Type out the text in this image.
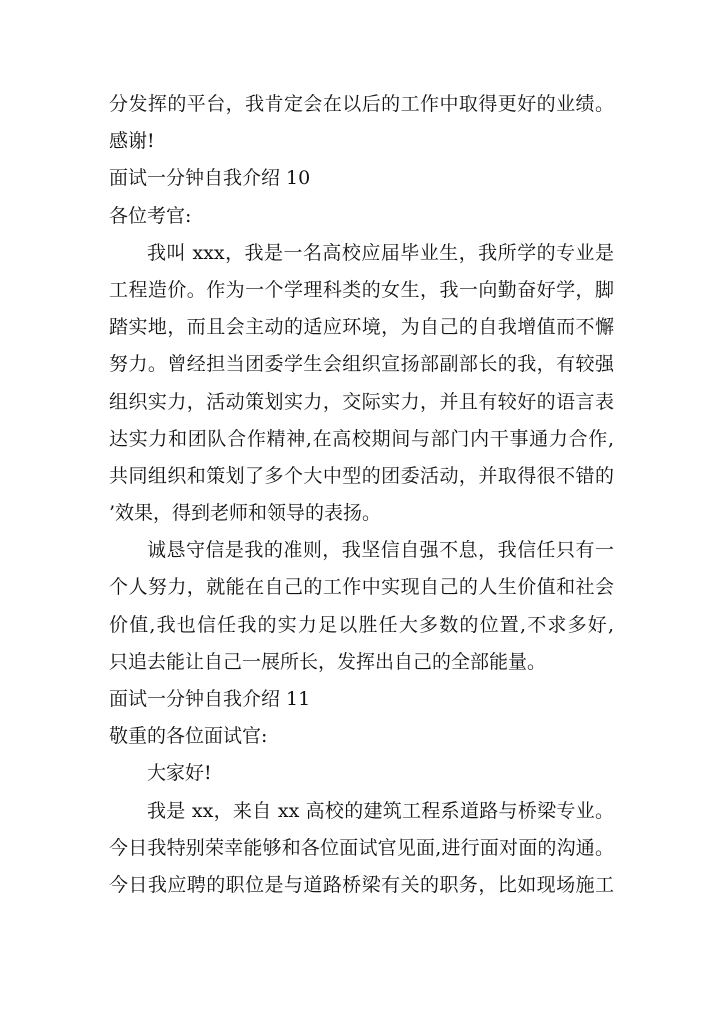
分发挥的平台，我肯定会在以后的工作中取得更好的业绩。
感谢!
面试一分钟自我介绍 10
各位考官:
我叫 xxx，我是一名高校应届毕业生，我所学的专业是
工程造价。作为一个学理科类的女生，我一向勤奋好学，脚
踏实地，而且会主动的适应环境，为自己的自我增值而不懈
努力。曾经担当团委学生会组织宣扬部副部长的我，有较强
组织实力，活动策划实力，交际实力，并且有较好的语言表
达实力和团队合作精神,在高校期间与部门内干事通力合作,
共同组织和策划了多个大中型的团委活动，并取得很不错的
’效果，得到老师和领导的表扬。
诚恳守信是我的准则，我坚信自强不息，我信任只有一
个人努力，就能在自己的工作中实现自己的人生价值和社会
价值,我也信任我的实力足以胜任大多数的位置,不求多好,
只追去能让自己一展所长，发挥出自己的全部能量。
面试一分钟自我介绍 11
敬重的各位面试官:
大家好!
我是 xx，来自 xx 高校的建筑工程系道路与桥梁专业。
今日我特别荣幸能够和各位面试官见面,进行面对面的沟通。
今日我应聘的职位是与道路桥梁有关的职务，比如现场施工
